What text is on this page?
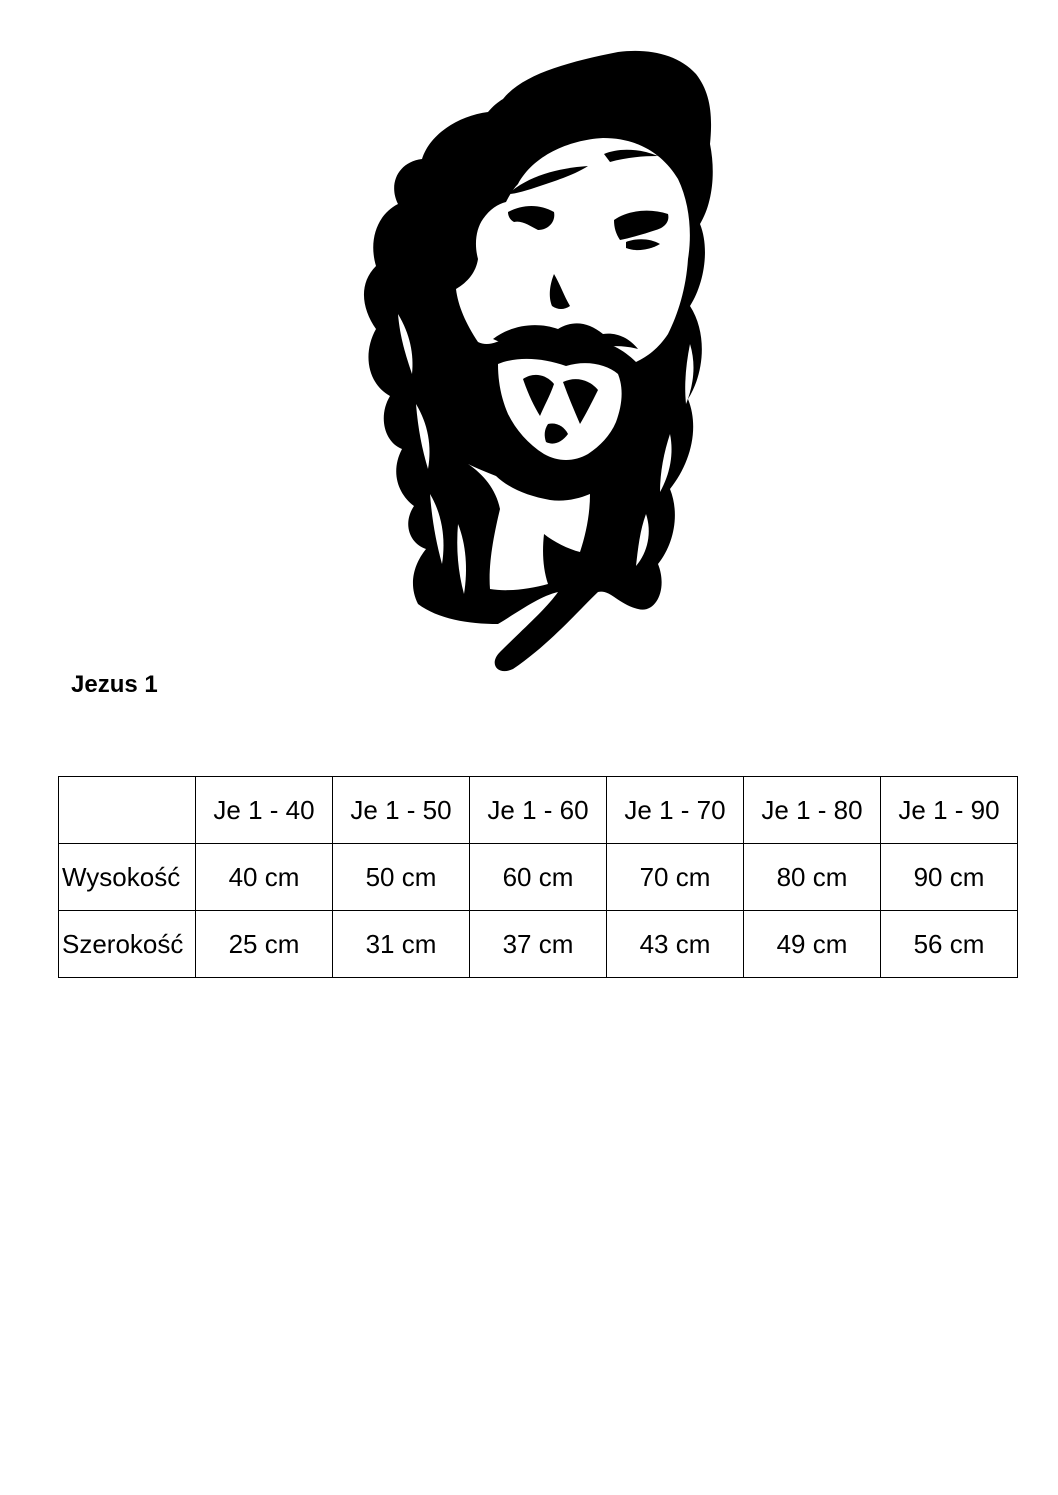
Jezus 1
	Je 1 - 40	Je 1 - 50	Je 1 - 60	Je 1 - 70	Je 1 - 80	Je 1 - 90
Wysokość	40 cm	50 cm	60 cm	70 cm	80 cm	90 cm
Szerokość	25 cm	31 cm	37 cm	43 cm	49 cm	56 cm
